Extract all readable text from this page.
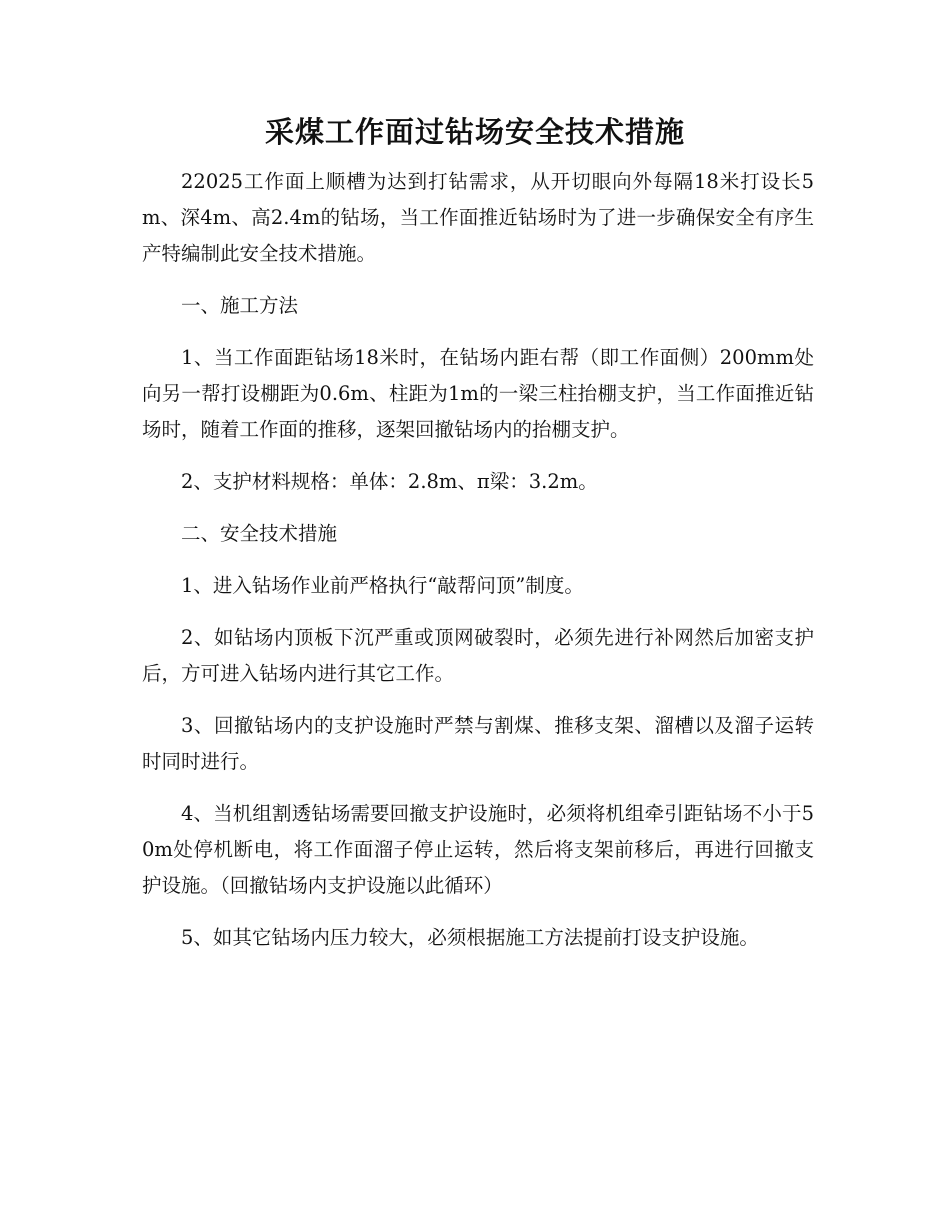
采煤工作面过钻场安全技术措施

22025工作面上顺槽为达到打钻需求，从开切眼向外每隔18米打设长5m、深4m、高2.4m的钻场，当工作面推近钻场时为了进一步确保安全有序生产特编制此安全技术措施。

一、施工方法

1、当工作面距钻场18米时，在钻场内距右帮（即工作面侧）200mm处向另一帮打设棚距为0.6m、柱距为1m的一梁三柱抬棚支护，当工作面推近钻场时，随着工作面的推移，逐架回撤钻场内的抬棚支护。

2、支护材料规格：单体：2.8m、π梁：3.2m。

二、安全技术措施

1、进入钻场作业前严格执行“敲帮问顶”制度。

2、如钻场内顶板下沉严重或顶网破裂时，必须先进行补网然后加密支护后，方可进入钻场内进行其它工作。

3、回撤钻场内的支护设施时严禁与割煤、推移支架、溜槽以及溜子运转时同时进行。

4、当机组割透钻场需要回撤支护设施时，必须将机组牵引距钻场不小于50m处停机断电，将工作面溜子停止运转，然后将支架前移后，再进行回撤支护设施。（回撤钻场内支护设施以此循环）

5、如其它钻场内压力较大，必须根据施工方法提前打设支护设施。
